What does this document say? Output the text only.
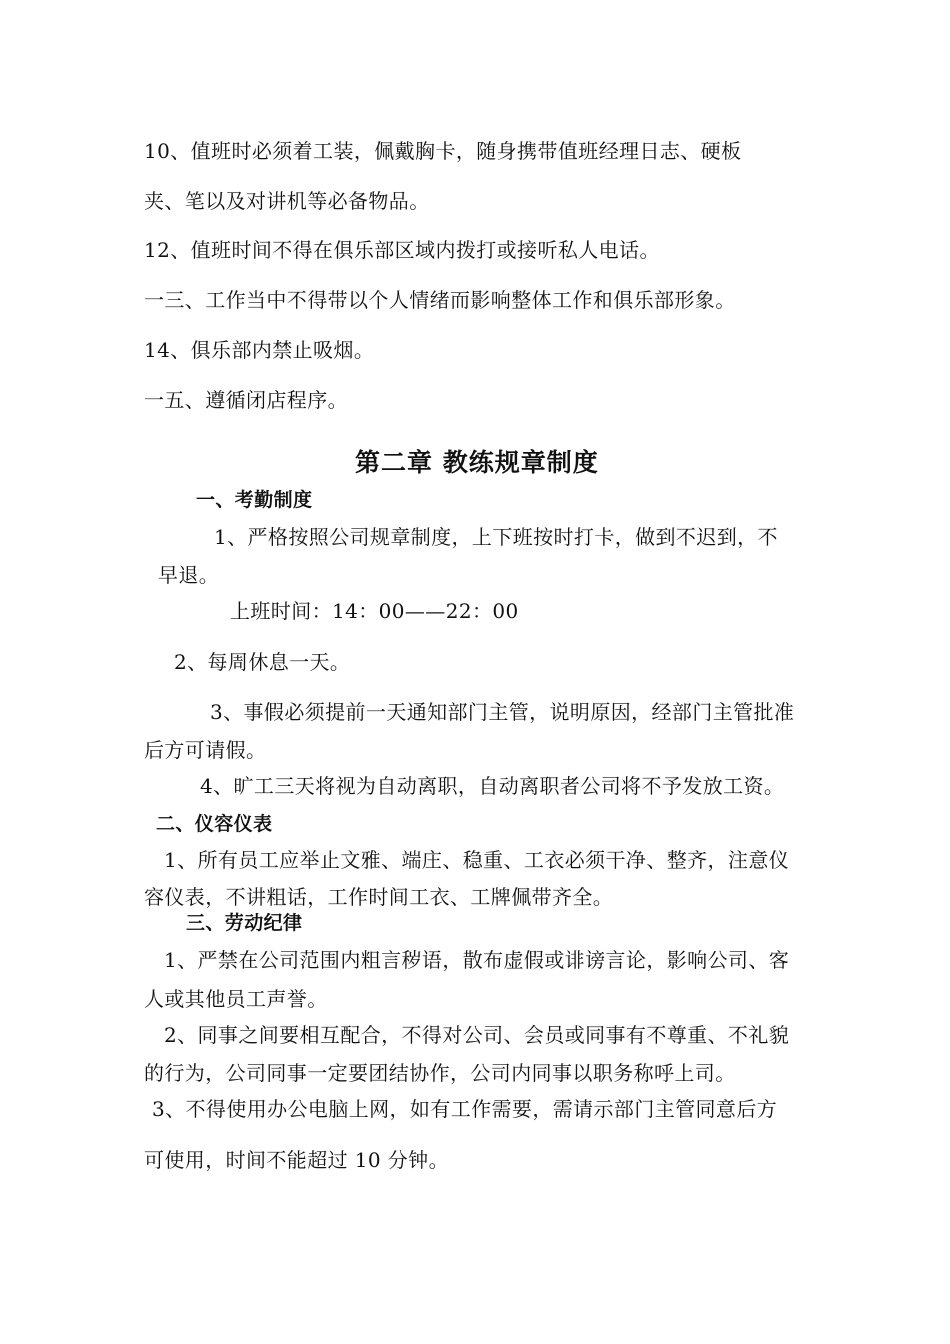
10、值班时必须着工装，佩戴胸卡，随身携带值班经理日志、硬板
夹、笔以及对讲机等必备物品。
12、值班时间不得在俱乐部区域内拨打或接听私人电话。
一三、工作当中不得带以个人情绪而影响整体工作和俱乐部形象。
14、俱乐部内禁止吸烟。
一五、遵循闭店程序。
第二章 教练规章制度
一、考勤制度
1、严格按照公司规章制度，上下班按时打卡，做到不迟到，不
早退。
上班时间：14：00——22：00
2、每周休息一天。
3、事假必须提前一天通知部门主管，说明原因，经部门主管批准
后方可请假。
4、旷工三天将视为自动离职，自动离职者公司将不予发放工资。
二、仪容仪表
1、所有员工应举止文雅、端庄、稳重、工衣必须干净、整齐，注意仪
容仪表，不讲粗话，工作时间工衣、工牌佩带齐全。
三、劳动纪律
1、严禁在公司范围内粗言秽语，散布虚假或诽谤言论，影响公司、客
人或其他员工声誉。
2、同事之间要相互配合，不得对公司、会员或同事有不尊重、不礼貌
的行为，公司同事一定要团结协作，公司内同事以职务称呼上司。
3、不得使用办公电脑上网，如有工作需要，需请示部门主管同意后方
可使用，时间不能超过 10 分钟。
